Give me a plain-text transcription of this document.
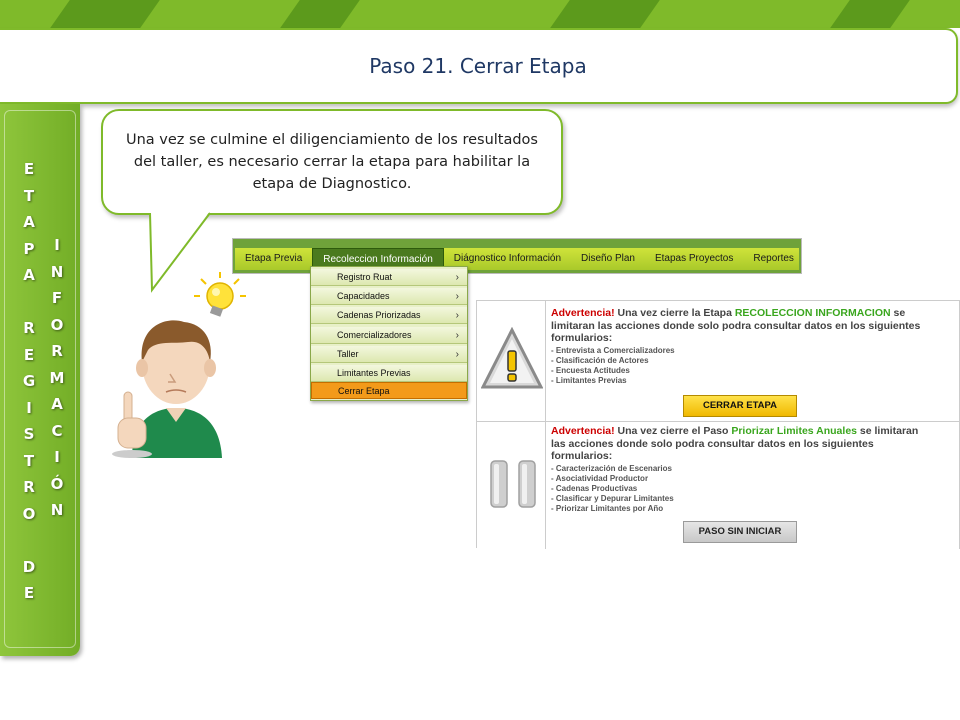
Paso 21. Cerrar Etapa
E
T
A
P
A
R
E
G
I
S
T
R
O
D
E
I
N
F
O
R
M
A
C
I
Ó
N

Una vez se culmine el diligenciamiento de los resultados del taller, es necesario cerrar la etapa para habilitar la etapa de Diagnostico.

Etapa Previa	Recoleccion Información	Diágnostico Información	Diseño Plan	Etapas Proyectos	Reportes
Registro Ruat	›
Capacidades	›
Cadenas Priorizadas	›
Comercializadores	›
Taller	›
Limitantes Previas
Cerrar Etapa
Advertencia! Una vez cierre la Etapa RECOLECCION INFORMACION se limitaran las acciones donde solo podra consultar datos en los siguientes formularios:
- Entrevista a Comercializadores
- Clasificación de Actores
- Encuesta Actitudes
- Limitantes Previas
CERRAR ETAPA
Advertencia! Una vez cierre el Paso Priorizar Limites Anuales se limitaran las acciones donde solo podra consultar datos en los siguientes formularios:
- Caracterización de Escenarios
- Asociatividad Productor
- Cadenas Productivas
- Clasificar y Depurar Limitantes
- Priorizar Limitantes por Año
PASO SIN INICIAR
Corpoica
20años
